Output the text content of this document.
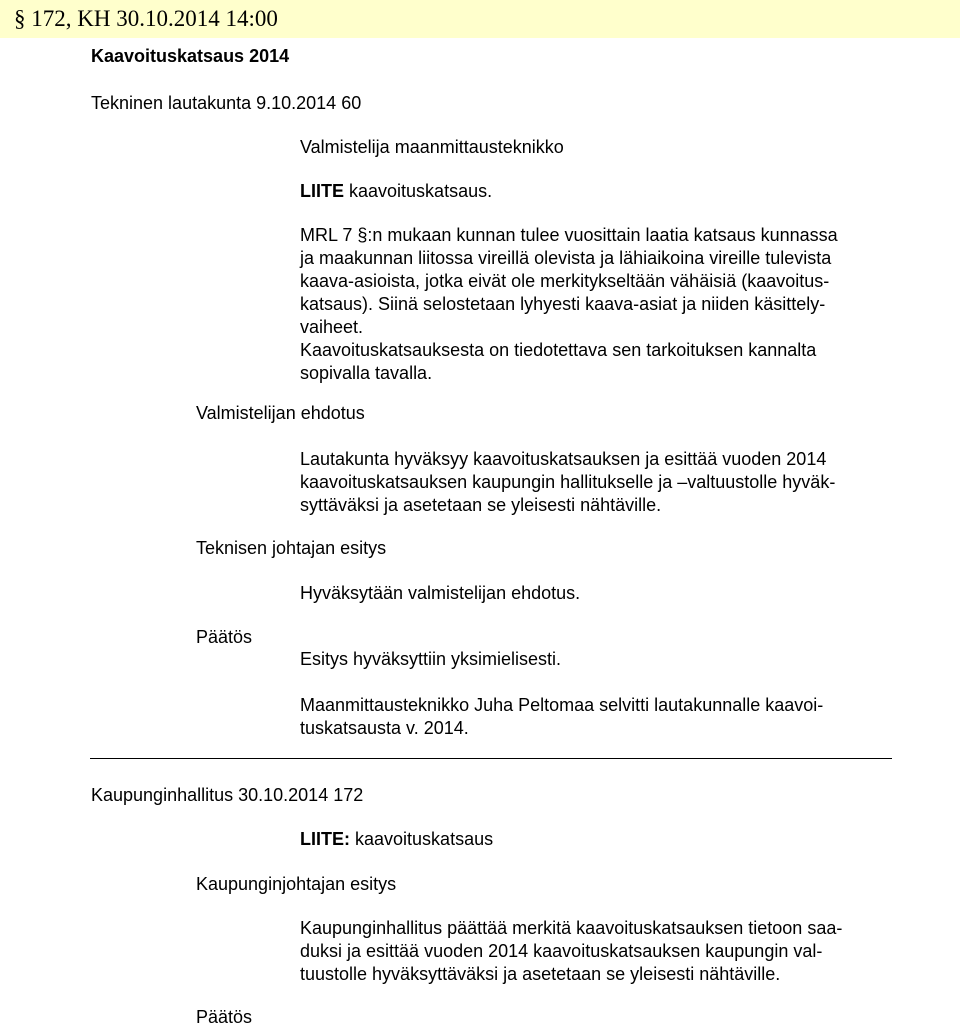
§ 172, KH 30.10.2014 14:00
Kaavoituskatsaus 2014
Tekninen lautakunta 9.10.2014 60
Valmistelija maanmittausteknikko
LIITE kaavoituskatsaus.
MRL 7 §:n mukaan kunnan tulee vuosittain laatia katsaus kunnassa
ja maakunnan liitossa vireillä olevista ja lähiaikoina vireille tulevista
kaava-asioista, jotka eivät ole merkitykseltään vähäisiä (kaavoitus-
katsaus). Siinä selostetaan lyhyesti kaava-asiat ja niiden käsittely-
vaiheet.
Kaavoituskatsauksesta on tiedotettava sen tarkoituksen kannalta
sopivalla tavalla.
Valmistelijan ehdotus
Lautakunta hyväksyy kaavoituskatsauksen ja esittää vuoden 2014
kaavoituskatsauksen kaupungin hallitukselle ja –valtuustolle hyväk-
syttäväksi ja asetetaan se yleisesti nähtäville.
Teknisen johtajan esitys
Hyväksytään valmistelijan ehdotus.
Päätös
Esitys hyväksyttiin yksimielisesti.
Maanmittausteknikko Juha Peltomaa selvitti lautakunnalle kaavoi-
tuskatsausta v. 2014.
Kaupunginhallitus 30.10.2014 172
LIITE: kaavoituskatsaus
Kaupunginjohtajan esitys
Kaupunginhallitus päättää merkitä kaavoituskatsauksen tietoon saa-
duksi ja esittää vuoden 2014 kaavoituskatsauksen kaupungin val-
tuustolle hyväksyttäväksi ja asetetaan se yleisesti nähtäville.
Päätös
